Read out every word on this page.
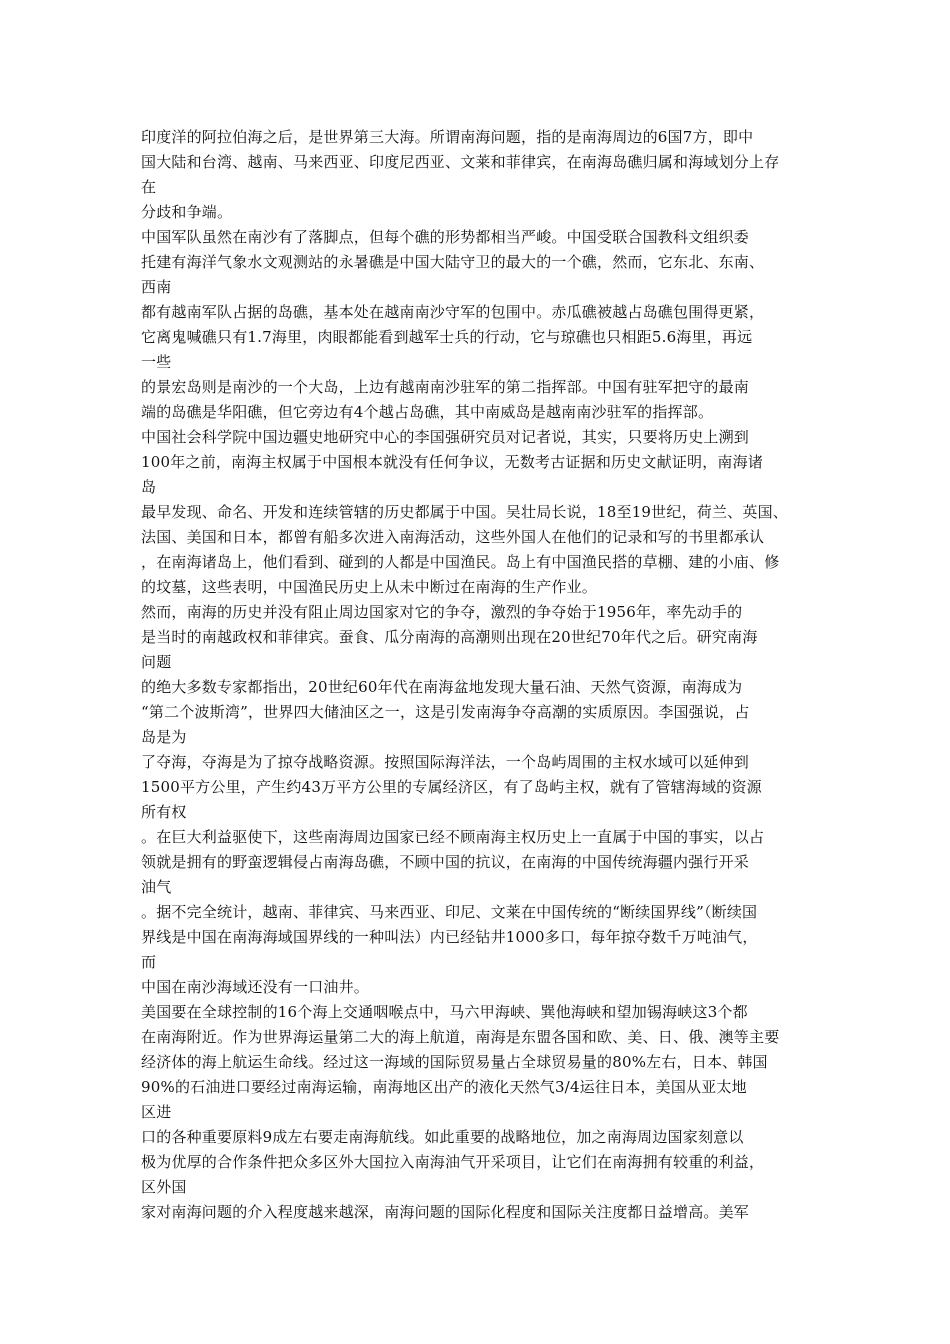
印度洋的阿拉伯海之后，是世界第三大海。所谓南海问题，指的是南海周边的6国7方，即中
国大陆和台湾、越南、马来西亚、印度尼西亚、文莱和菲律宾，在南海岛礁归属和海域划分上存
在
分歧和争端。
中国军队虽然在南沙有了落脚点，但每个礁的形势都相当严峻。中国受联合国教科文组织委
托建有海洋气象水文观测站的永暑礁是中国大陆守卫的最大的一个礁，然而，它东北、东南、
西南
都有越南军队占据的岛礁，基本处在越南南沙守军的包围中。赤瓜礁被越占岛礁包围得更紧，
它离鬼喊礁只有1.7海里，肉眼都能看到越军士兵的行动，它与琼礁也只相距5.6海里，再远
一些
的景宏岛则是南沙的一个大岛，上边有越南南沙驻军的第二指挥部。中国有驻军把守的最南
端的岛礁是华阳礁，但它旁边有4个越占岛礁，其中南威岛是越南南沙驻军的指挥部。
中国社会科学院中国边疆史地研究中心的李国强研究员对记者说，其实，只要将历史上溯到
100年之前，南海主权属于中国根本就没有任何争议，无数考古证据和历史文献证明，南海诸
岛
最早发现、命名、开发和连续管辖的历史都属于中国。吴壮局长说，18至19世纪，荷兰、英国、
法国、美国和日本，都曾有船多次进入南海活动，这些外国人在他们的记录和写的书里都承认
，在南海诸岛上，他们看到、碰到的人都是中国渔民。岛上有中国渔民搭的草棚、建的小庙、修
的坟墓，这些表明，中国渔民历史上从未中断过在南海的生产作业。
然而，南海的历史并没有阻止周边国家对它的争夺，激烈的争夺始于1956年，率先动手的
是当时的南越政权和菲律宾。蚕食、瓜分南海的高潮则出现在20世纪70年代之后。研究南海
问题
的绝大多数专家都指出，20世纪60年代在南海盆地发现大量石油、天然气资源，南海成为
“第二个波斯湾”，世界四大储油区之一，这是引发南海争夺高潮的实质原因。李国强说，占
岛是为
了夺海，夺海是为了掠夺战略资源。按照国际海洋法，一个岛屿周围的主权水域可以延伸到
1500平方公里，产生约43万平方公里的专属经济区，有了岛屿主权，就有了管辖海域的资源
所有权
。在巨大利益驱使下，这些南海周边国家已经不顾南海主权历史上一直属于中国的事实，以占
领就是拥有的野蛮逻辑侵占南海岛礁，不顾中国的抗议，在南海的中国传统海疆内强行开采
油气
。据不完全统计，越南、菲律宾、马来西亚、印尼、文莱在中国传统的“断续国界线”（断续国
界线是中国在南海海域国界线的一种叫法）内已经钻井1000多口，每年掠夺数千万吨油气，
而
中国在南沙海域还没有一口油井。
美国要在全球控制的16个海上交通咽喉点中，马六甲海峡、巽他海峡和望加锡海峡这3个都
在南海附近。作为世界海运量第二大的海上航道，南海是东盟各国和欧、美、日、俄、澳等主要
经济体的海上航运生命线。经过这一海域的国际贸易量占全球贸易量的80%左右，日本、韩国
90%的石油进口要经过南海运输，南海地区出产的液化天然气3/4运往日本，美国从亚太地
区进
口的各种重要原料9成左右要走南海航线。如此重要的战略地位，加之南海周边国家刻意以
极为优厚的合作条件把众多区外大国拉入南海油气开采项目，让它们在南海拥有较重的利益，
区外国
家对南海问题的介入程度越来越深，南海问题的国际化程度和国际关注度都日益增高。美军
